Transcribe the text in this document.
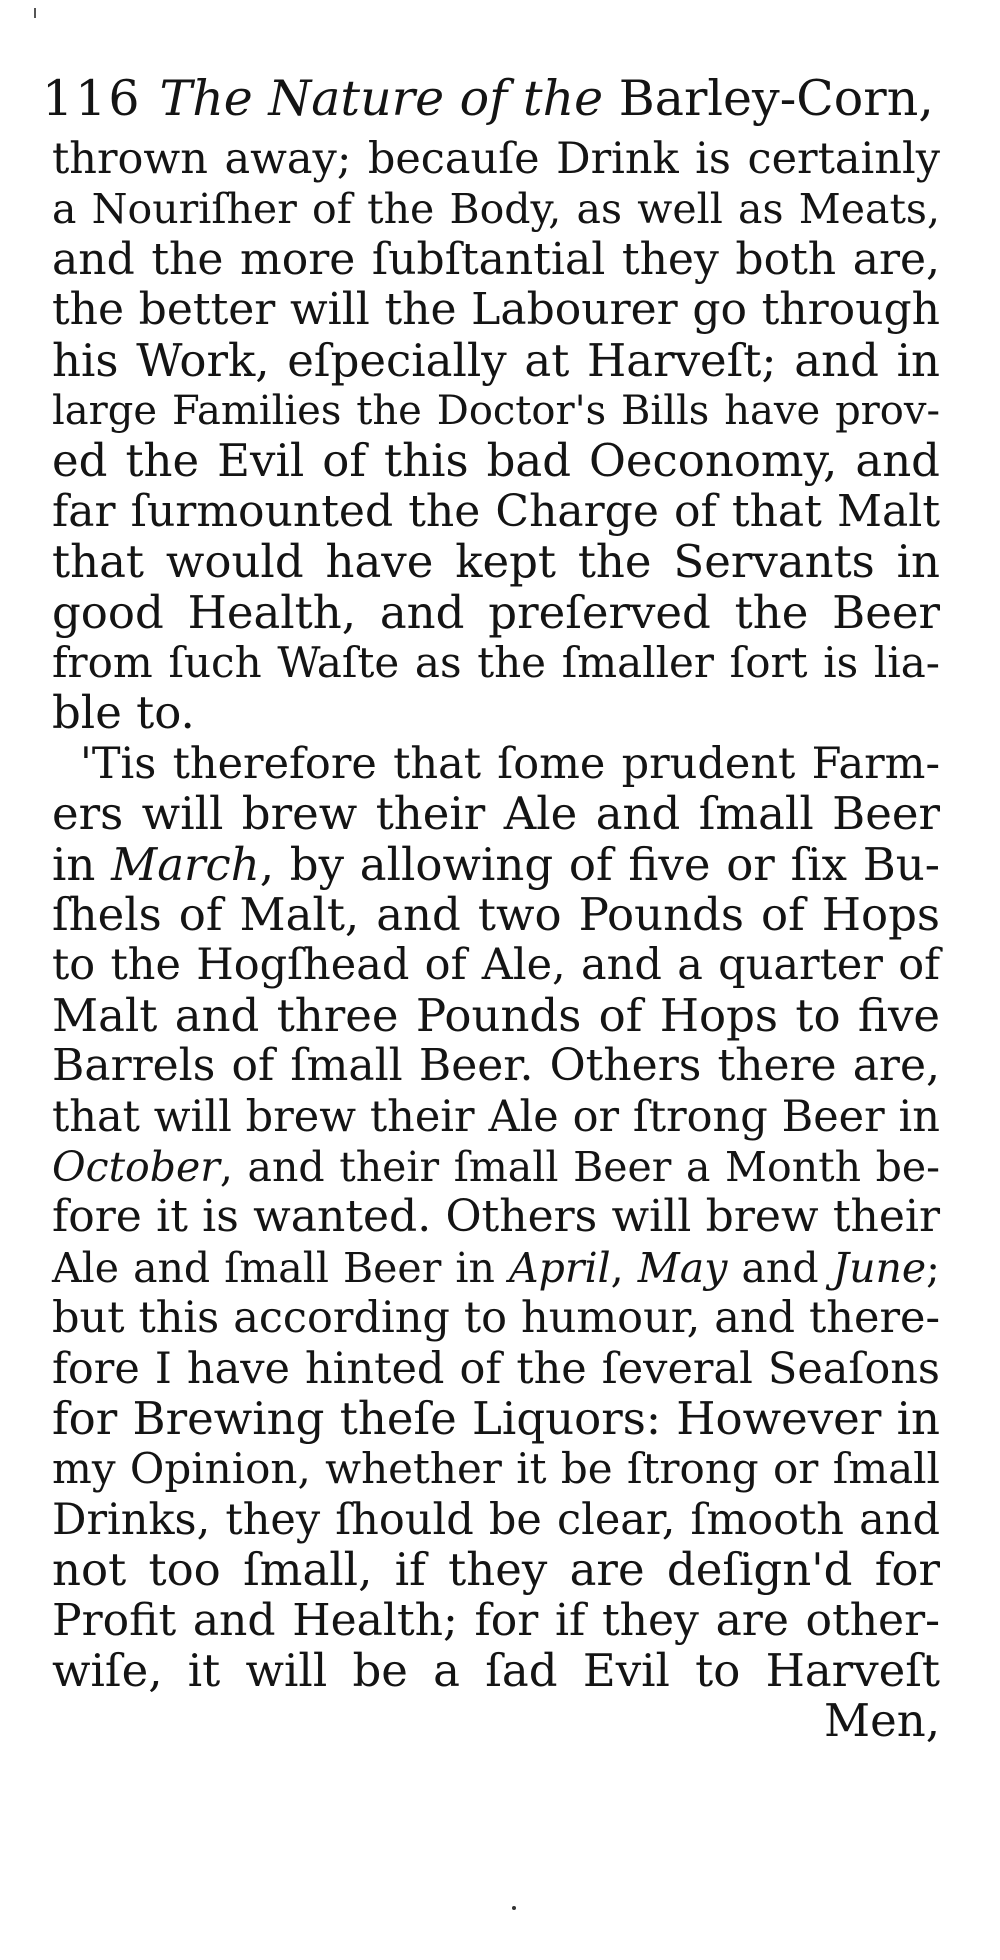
116 The Nature of the Barley-Corn,
thrown away; becauſe Drink is certainly
a Nouriſher of the Body, as well as Meats,
and the more ſubſtantial they both are,
the better will the Labourer go through
his Work, eſpecially at Harveſt; and in
large Families the Doctor's Bills have prov-
ed the Evil of this bad Oeconomy, and
far ſurmounted the Charge of that Malt
that would have kept the Servants in
good Health, and preſerved the Beer
from ſuch Waſte as the ſmaller ſort is lia-
ble to.
'Tis therefore that ſome prudent Farm-
ers will brew their Ale and ſmall Beer
in March, by allowing of five or ſix Bu-
ſhels of Malt, and two Pounds of Hops
to the Hogſhead of Ale, and a quarter of
Malt and three Pounds of Hops to five
Barrels of ſmall Beer. Others there are,
that will brew their Ale or ſtrong Beer in
October, and their ſmall Beer a Month be-
fore it is wanted. Others will brew their
Ale and ſmall Beer in April, May and June;
but this according to humour, and there-
fore I have hinted of the ſeveral Seaſons
for Brewing theſe Liquors: However in
my Opinion, whether it be ſtrong or ſmall
Drinks, they ſhould be clear, ſmooth and
not too ſmall, if they are deſign'd for
Profit and Health; for if they are other-
wiſe, it will be a ſad Evil to Harveſt
Men,
